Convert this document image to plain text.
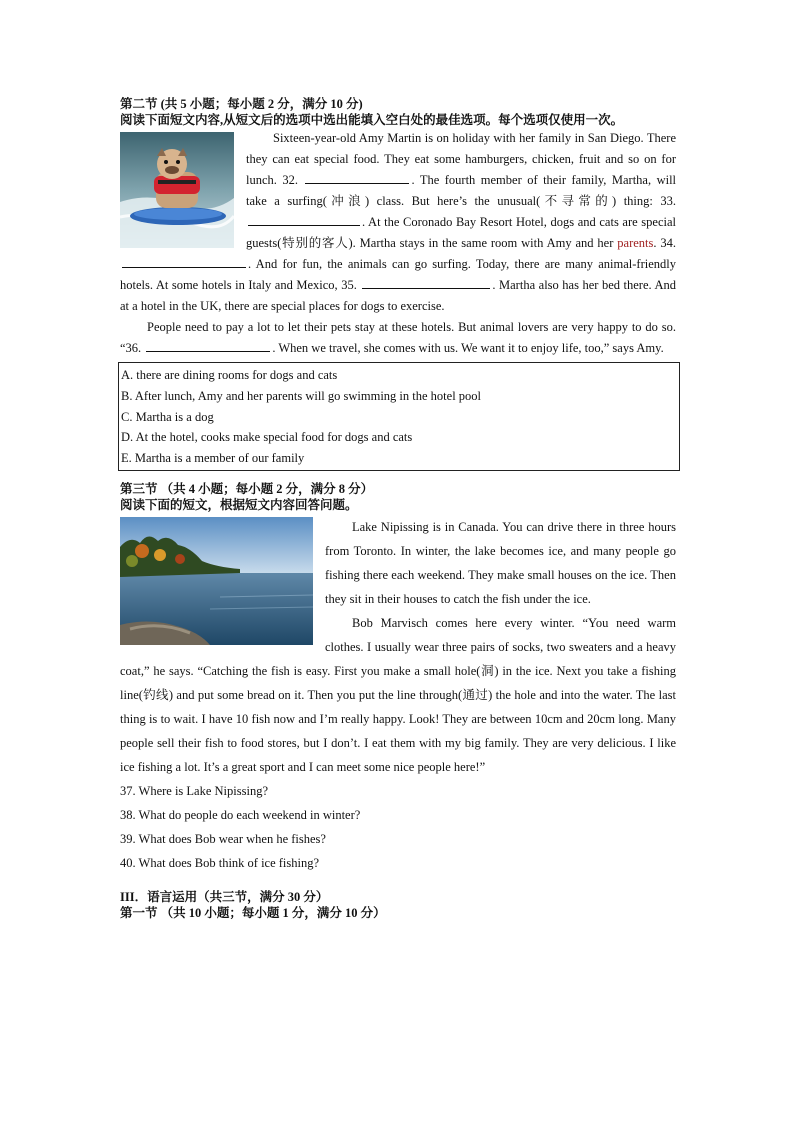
第二节 (共 5 小题；每小题 2 分，满分 10 分)

阅读下面短文内容,从短文后的选项中选出能填入空白处的最佳选项。每个选项仅使用一次。

Sixteen-year-old Amy Martin is on holiday with her family in San Diego. There they can eat special food. They eat some hamburgers, chicken, fruit and so on for lunch. 32.	. The fourth member of their family, Martha, will take a surfing(冲浪) class. But here’s the unusual(不寻常的) thing: 33. . At the Coronado Bay Resort Hotel, dogs and cats are special guests(特别的客人). Martha stays in the same room with Amy and her parents. 34. . And for fun, the animals can go surfing. Today, there are many animal-friendly hotels. At some hotels in Italy and Mexico, 35.	. Martha also has her bed there. And at a hotel in the UK, there are special places for dogs to exercise.

People need to pay a lot to let their pets stay at these hotels. But animal lovers are very happy to do so. “36.	. When we travel, she comes with us. We want it to enjoy life, too,” says Amy.

A. there are dining rooms for dogs and cats

B. After lunch, Amy and her parents will go swimming in the hotel pool

C. Martha is a dog

D. At the hotel, cooks make special food for dogs and cats

E. Martha is a member of our family

第三节 （共 4 小题；每小题 2 分，满分 8 分）

阅读下面的短文，根据短文内容回答问题。

Lake Nipissing is in Canada. You can drive there in three hours from Toronto. In winter, the lake becomes ice, and many people go fishing there each weekend. They make small houses on the ice. Then they sit in their houses to catch the fish under the ice.

Bob Marvisch comes here every winter. “You need warm clothes. I usually wear three pairs of socks, two sweaters and a heavy coat,” he says. “Catching the fish is easy. First you make a small hole(洞) in the ice. Next you take a fishing line(钓线) and put some bread on it. Then you put the line through(通过) the hole and into the water. The last thing is to wait. I have 10 fish now and I’m really happy. Look! They are between 10cm and 20cm long. Many people sell their fish to food stores, but I don’t. I eat them with my big family. They are very delicious. I like ice fishing a lot. It’s a great sport and I can meet some nice people here!”

37. Where is Lake Nipissing?

38. What do people do each weekend in winter?

39. What does Bob wear when he fishes?

40. What does Bob think of ice fishing?

III．语言运用（共三节，满分 30 分）

第一节 （共 10 小题；每小题 1 分，满分 10 分）
